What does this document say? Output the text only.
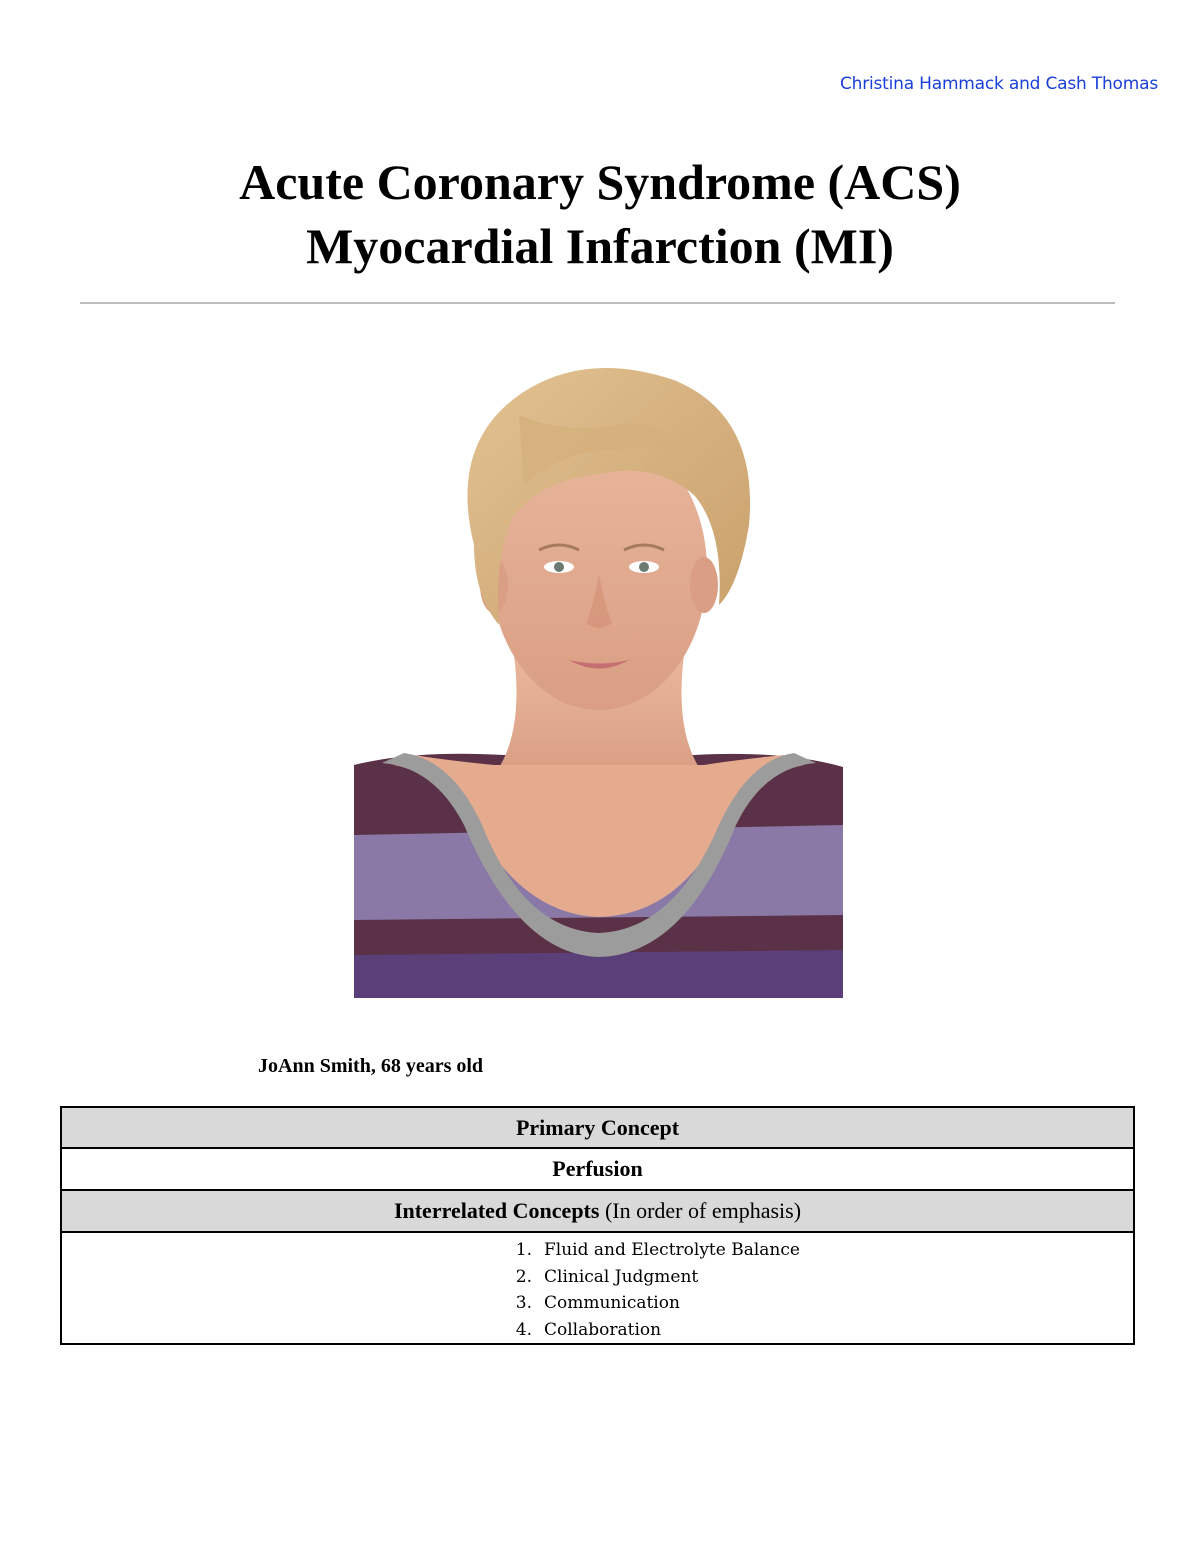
Christina Hammack and Cash Thomas
Acute Coronary Syndrome (ACS)
Myocardial Infarction (MI)
JoAnn Smith, 68 years old
Primary Concept
Perfusion
Interrelated Concepts (In order of emphasis)

1. Fluid and Electrolyte Balance
2. Clinical Judgment
3. Communication
4. Collaboration
